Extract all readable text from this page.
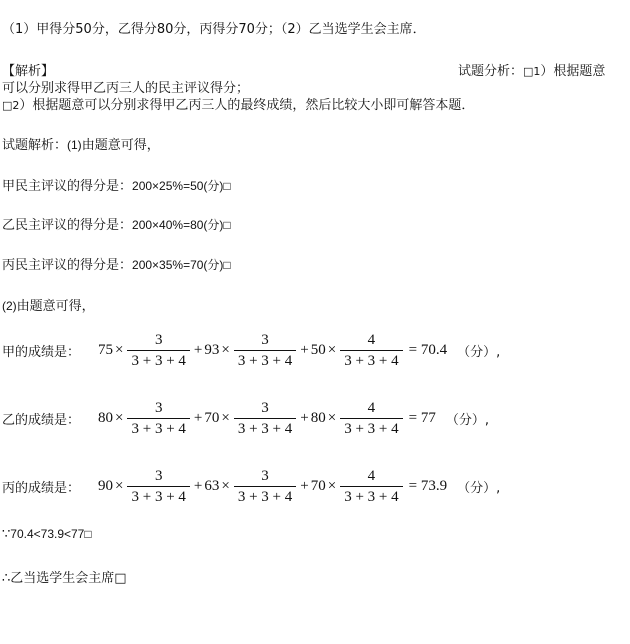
（1）甲得分50分，乙得分80分，丙得分70分；（2）乙当选学生会主席．
【解析】	试题分析：□1）根据题意
可以分别求得甲乙丙三人的民主评议得分；
□2）根据题意可以分别求得甲乙丙三人的最终成绩，然后比较大小即可解答本题．
试题解析：(1)由题意可得，
甲民主评议的得分是：200×25%=50(分)□
乙民主评议的得分是：200×40%=80(分)□
丙民主评议的得分是：200×35%=70(分)□
(2)由题意可得，
甲的成绩是： $75 \times \frac{3}{3 + 3 + 4} + 93 \times \frac{3}{3 + 3 + 4} + 50 \times \frac{4}{3 + 3 + 4} = 70.4$ （分）,
乙的成绩是： $80 \times \frac{3}{3 + 3 + 4} + 70 \times \frac{3}{3 + 3 + 4} + 80 \times \frac{4}{3 + 3 + 4} = 77$ （分）,
丙的成绩是： $90 \times \frac{3}{3 + 3 + 4} + 63 \times \frac{3}{3 + 3 + 4} + 70 \times \frac{4}{3 + 3 + 4} = 73.9$ （分）,
∵70.4<73.9<77□
∴乙当选学生会主席□
